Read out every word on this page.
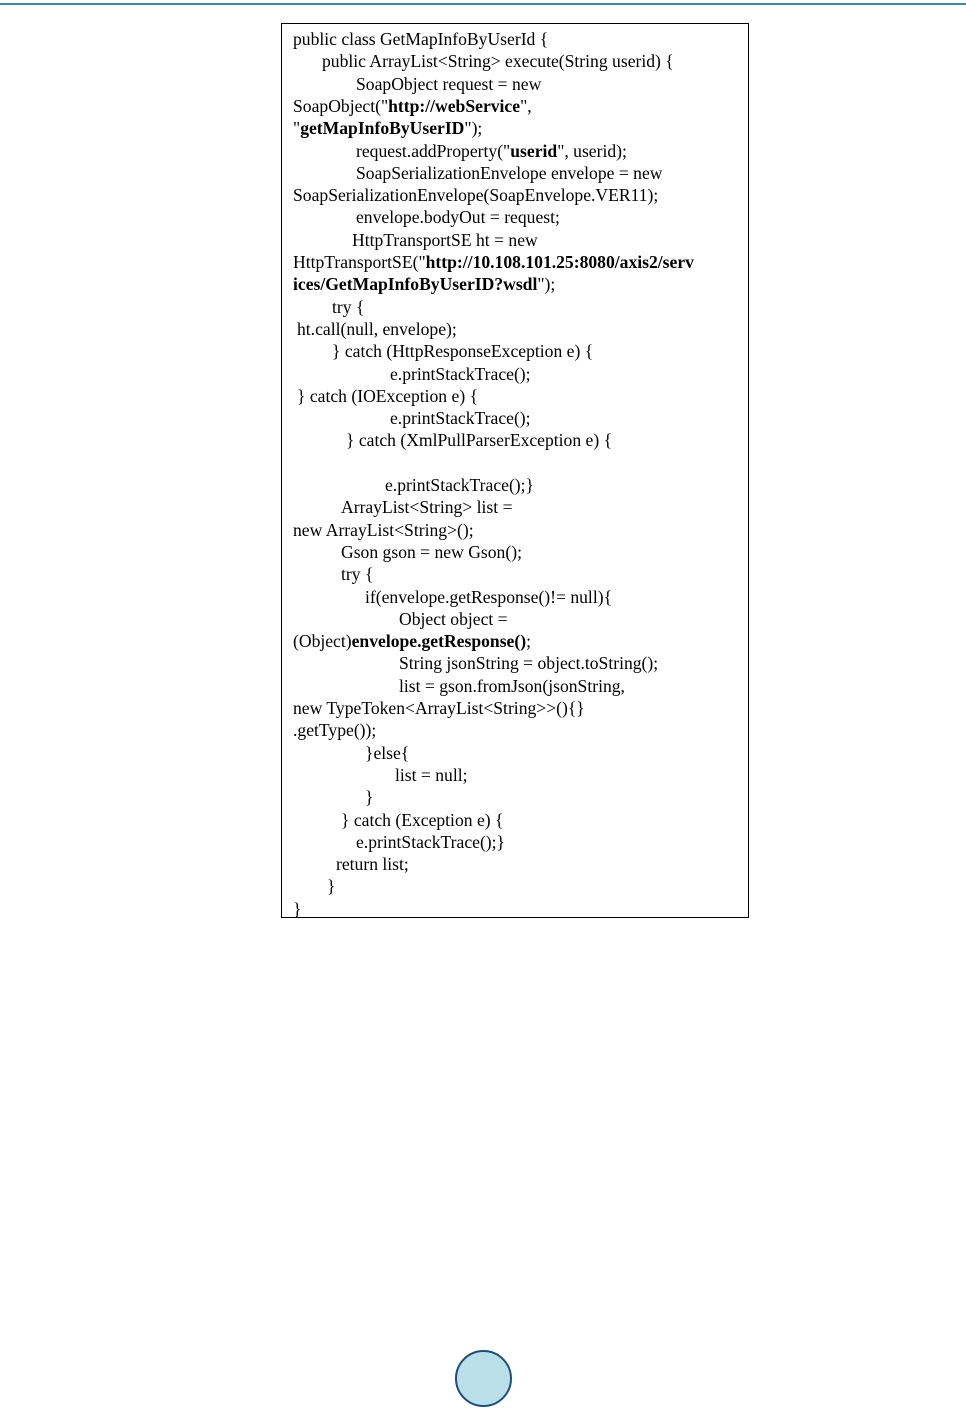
public class GetMapInfoByUserId {
public ArrayList<String> execute(String userid) {
SoapObject request = new
SoapObject("http://webService",
"getMapInfoByUserID");
request.addProperty("userid", userid);
SoapSerializationEnvelope envelope = new
SoapSerializationEnvelope(SoapEnvelope.VER11);
envelope.bodyOut = request;
HttpTransportSE ht = new
HttpTransportSE("http://10.108.101.25:8080/axis2/serv
ices/GetMapInfoByUserID?wsdl");
try {
ht.call(null, envelope);
} catch (HttpResponseException e) {
e.printStackTrace();
} catch (IOException e) {
e.printStackTrace();
} catch (XmlPullParserException e) {
e.printStackTrace();}
ArrayList<String> list =
new ArrayList<String>();
Gson gson = new Gson();
try {
if(envelope.getResponse()!= null){
Object object =
(Object)envelope.getResponse();
String jsonString = object.toString();
list = gson.fromJson(jsonString,
new TypeToken<ArrayList<String>>(){}
.getType());
}else{
list = null;
}
} catch (Exception e) {
e.printStackTrace();}
return list;
}
}
